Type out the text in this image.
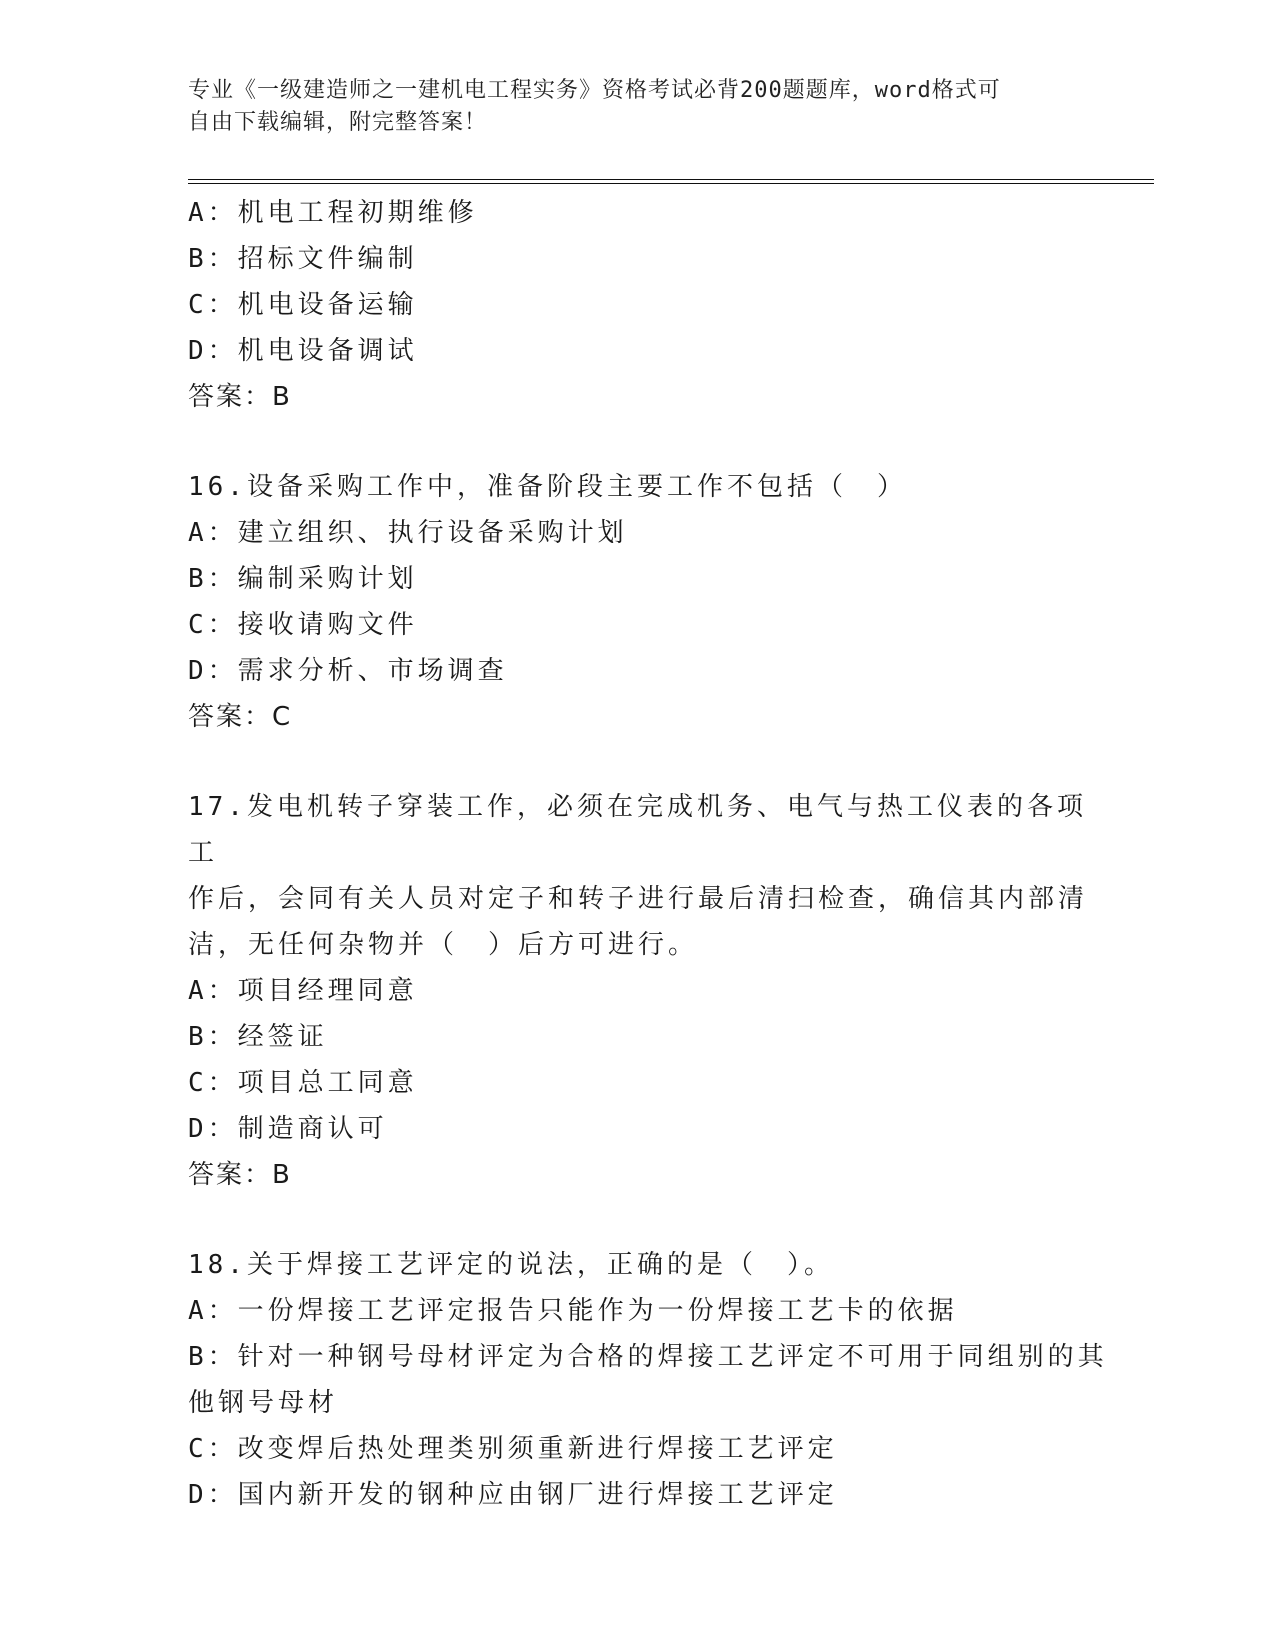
专业《一级建造师之一建机电工程实务》资格考试必背200题题库，word格式可
自由下载编辑，附完整答案！
A：机电工程初期维修
B：招标文件编制
C：机电设备运输
D：机电设备调试
答案：B
16.设备采购工作中，准备阶段主要工作不包括（　）
A：建立组织、执行设备采购计划
B：编制采购计划
C：接收请购文件
D：需求分析、市场调查
答案：C
17.发电机转子穿装工作，必须在完成机务、电气与热工仪表的各项工
作后，会同有关人员对定子和转子进行最后清扫检查，确信其内部清
洁，无任何杂物并（　）后方可进行。
A：项目经理同意
B：经签证
C：项目总工同意
D：制造商认可
答案：B
18.关于焊接工艺评定的说法，正确的是（　）。
A：一份焊接工艺评定报告只能作为一份焊接工艺卡的依据
B：针对一种钢号母材评定为合格的焊接工艺评定不可用于同组别的其
他钢号母材
C：改变焊后热处理类别须重新进行焊接工艺评定
D：国内新开发的钢种应由钢厂进行焊接工艺评定
